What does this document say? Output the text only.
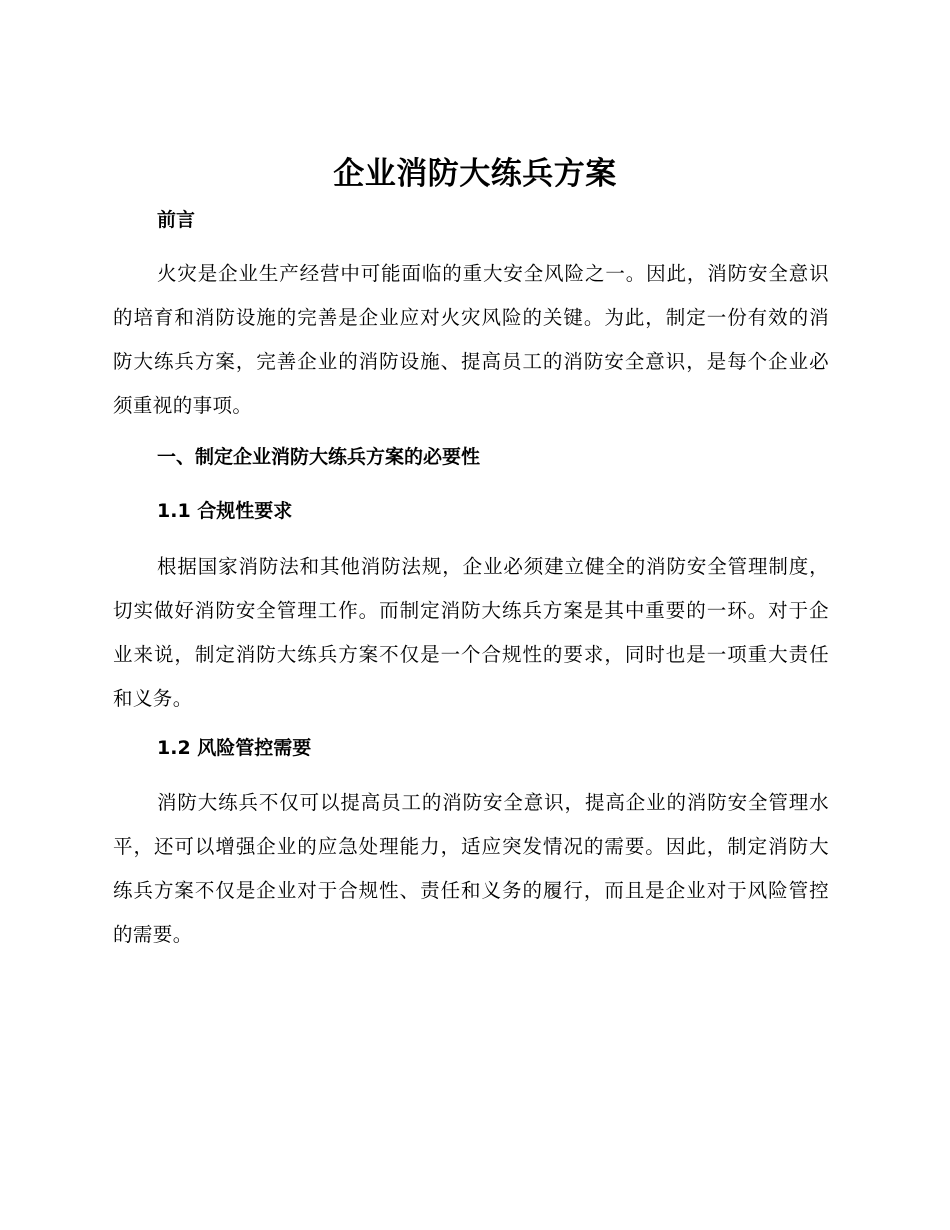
企业消防大练兵方案
前言
火灾是企业生产经营中可能面临的重大安全风险之一。因此，消防安全意识的培育和消防设施的完善是企业应对火灾风险的关键。为此，制定一份有效的消防大练兵方案，完善企业的消防设施、提高员工的消防安全意识，是每个企业必须重视的事项。
一、制定企业消防大练兵方案的必要性
1.1 合规性要求
根据国家消防法和其他消防法规，企业必须建立健全的消防安全管理制度，切实做好消防安全管理工作。而制定消防大练兵方案是其中重要的一环。对于企业来说，制定消防大练兵方案不仅是一个合规性的要求，同时也是一项重大责任和义务。
1.2 风险管控需要
消防大练兵不仅可以提高员工的消防安全意识，提高企业的消防安全管理水平，还可以增强企业的应急处理能力，适应突发情况的需要。因此，制定消防大练兵方案不仅是企业对于合规性、责任和义务的履行，而且是企业对于风险管控的需要。
